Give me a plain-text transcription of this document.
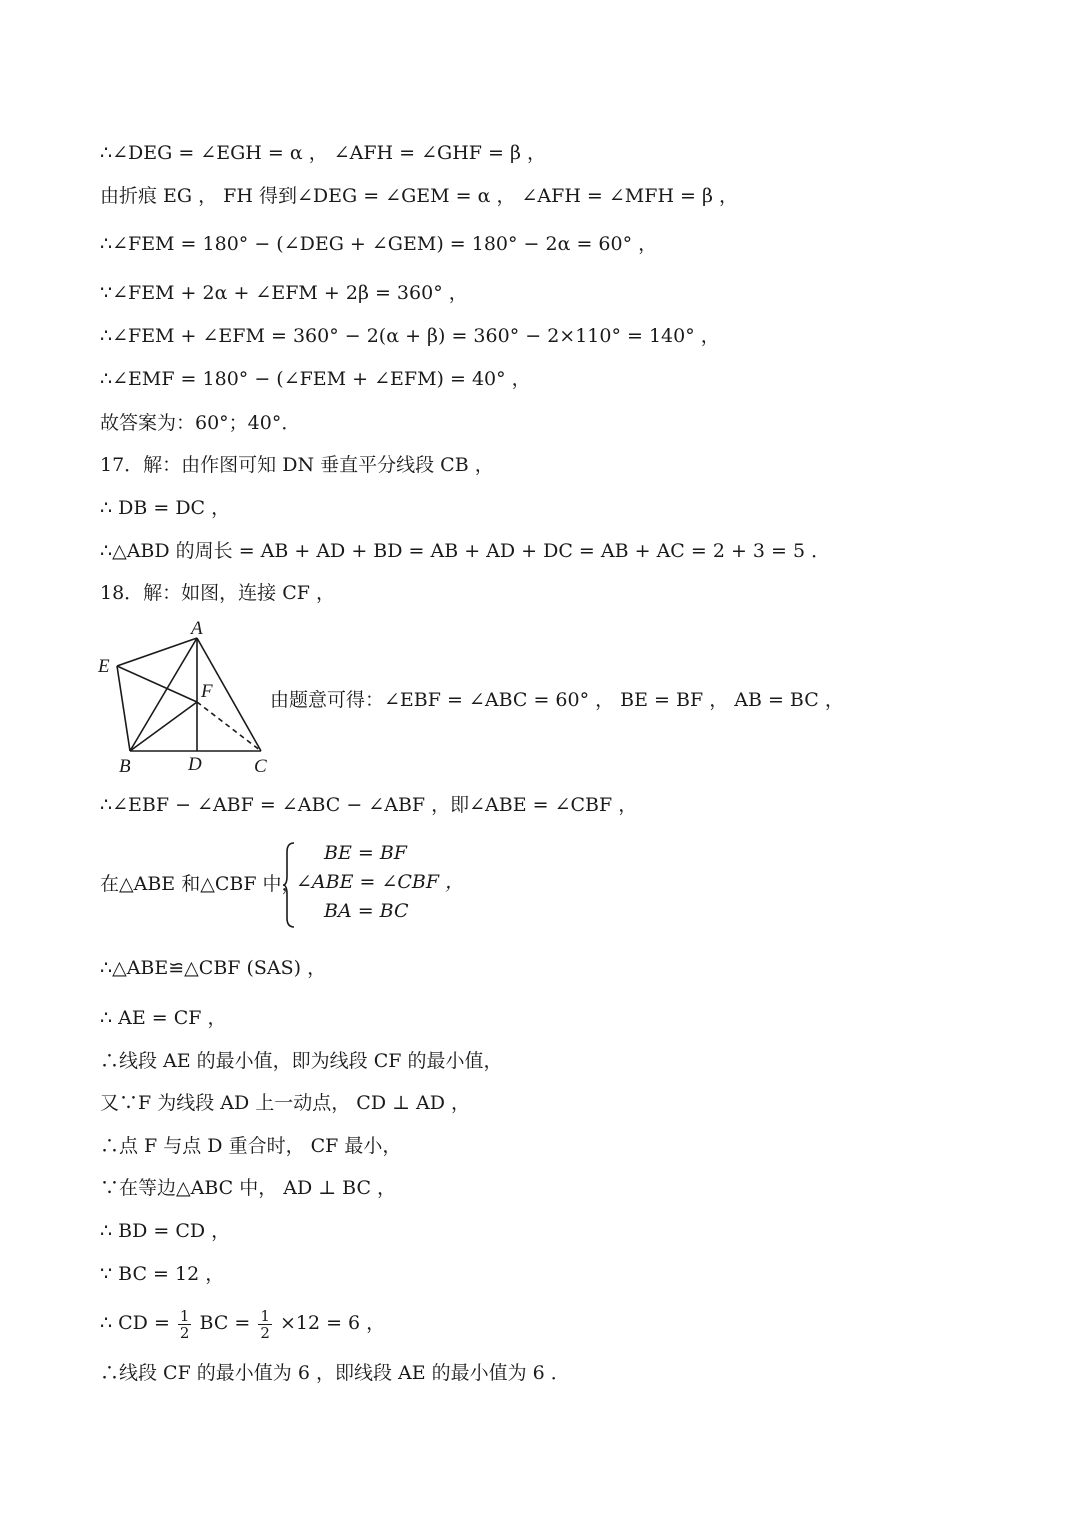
∴∠DEG = ∠EGH = α ， ∠AFH = ∠GHF = β ，
由折痕 EG ， FH 得到∠DEG = ∠GEM = α ， ∠AFH = ∠MFH = β ，
∴∠FEM = 180° − (∠DEG + ∠GEM) = 180° − 2α = 60° ，
∵∠FEM + 2α + ∠EFM + 2β = 360° ，
∴∠FEM + ∠EFM = 360° − 2(α + β) = 360° − 2×110° = 140° ，
∴∠EMF = 180° − (∠FEM + ∠EFM) = 40° ，
故答案为：60°；40°．
17．解：由作图可知 DN 垂直平分线段 CB ，
∴ DB = DC ，
∴△ABD 的周长 = AB + AD + BD = AB + AD + DC = AB + AC = 2 + 3 = 5 ．
18．解：如图，连接 CF ，
A
E
F
B	D	C
由题意可得：∠EBF = ∠ABC = 60° ， BE = BF ， AB = BC ，
∴∠EBF − ∠ABF = ∠ABC − ∠ABF ，即∠ABE = ∠CBF ，
在△ABE 和△CBF 中，
BE = BF
∠ABE = ∠CBF ，
BA = BC
∴△ABE≌△CBF (SAS) ，
∴ AE = CF ，
∴线段 AE 的最小值，即为线段 CF 的最小值，
又∵F 为线段 AD 上一动点， CD ⊥ AD ，
∴点 F 与点 D 重合时， CF 最小，
∵在等边△ABC 中， AD ⊥ BC ，
∴ BD = CD ，
∵ BC = 12 ，
∴ CD = $\frac{1}{2}$ BC = $\frac{1}{2} \times 12 = 6$ ，
∴线段 CF 的最小值为 6 ，即线段 AE 的最小值为 6 ．
